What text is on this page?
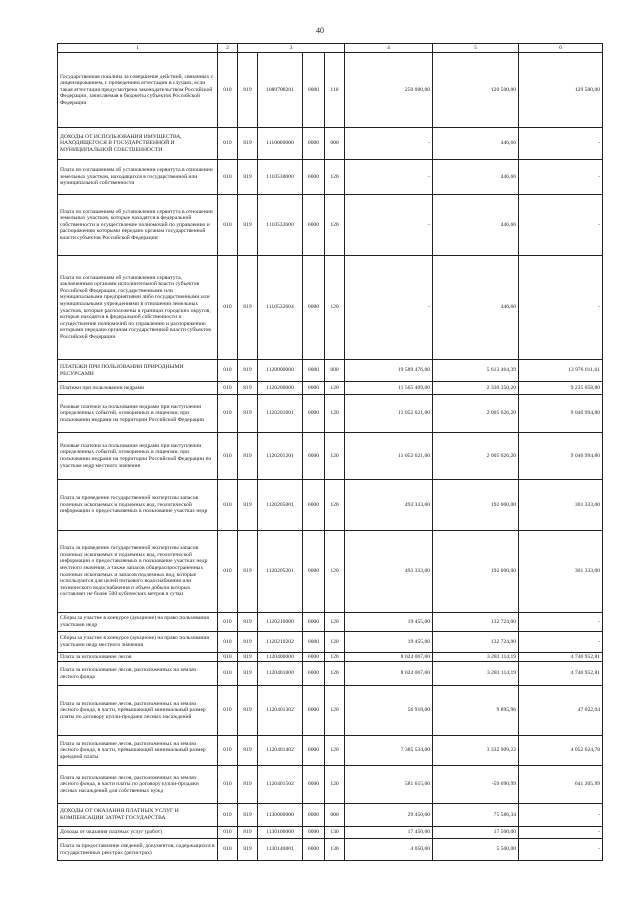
40
1	2	3				4	5	6
Государственная пошлина за совершение действий, связанных с лицензированием, с проведением аттестации в случаях, если такая аттестация предусмотрена законодательством Российской Федерации, зачисляемая в бюджеты субъектов Российской Федерации	010	819	1080708201	0000	110	250 000,00	120 500,00	129 500,00
ДОХОДЫ ОТ ИСПОЛЬЗОВАНИЯ ИМУЩЕСТВА, НАХОДЯЩЕГОСЯ В ГОСУДАРСТВЕННОЙ И МУНИЦИПАЛЬНОЙ СОБСТВЕННОСТИ	010	819	1110000000	0000	000	-	446,66	-
Плата по соглашениям об установлении сервитута в отношении земельных участков, находящихся в государственной или муниципальной собственности	010	819	1110530000	0000	120	-	446,66	-
Плата по соглашениям об установлении сервитута в отношении земельных участков, которые находятся в федеральной собственности и осуществление полномочий по управлению и распоряжению которыми передано органам государственной власти субъектов Российской Федерации	010	819	1110532600	0000	120	-	446,66	-
Плата по соглашениям об установлении сервитута, заключенным органами исполнительной власти субъектов Российской Федерации, государственными или муниципальными предприятиями либо государственными или муниципальными учреждениями в отношении земельных участков, которые расположены в границах городских округов, которые находятся в федеральной собственности и осуществление полномочий по управлению и распоряжению которыми передано органам государственной власти субъектов Российской Федерации	010	819	1110532604	0000	120	-	446,66	-
ПЛАТЕЖИ ПРИ ПОЛЬЗОВАНИИ ПРИРОДНЫМИ РЕСУРСАМИ	010	819	1120000000	0000	000	19 589 476,00	5 613 464,39	13 976 011,61
Платежи при пользовании недрами	010	819	1120200000	0000	120	11 565 409,00	2 330 350,20	9 235 058,80
Разовые платежи за пользование недрами при наступлении определенных событий, оговоренных в лицензии, при пользовании недрами на территории Российской Федерации	010	819	1120201001	0000	120	11 052 621,00	2 005 626,20	9 046 994,80
Разовые платежи за пользование недрами при наступлении определенных событий, оговоренных в лицензии, при пользовании недрами на территории Российской Федерации по участкам недр местного значения	010	819	1120201201	0000	120	11 052 621,00	2 005 626,20	9 046 994,80
Плата за проведение государственной экспертизы запасов полезных ископаемых и подземных вод, геологической информации о предоставляемых в пользование участках недр	010	819	1120205001	0000	120	493 333,00	192 000,00	301 333,00
Плата за проведение государственной экспертизы запасов полезных ископаемых и подземных вод, геологической информации о предоставляемых в пользование участках недр местного значения, а также запасов общераспространенных полезных ископаемых и запасов подземных вод, которые используются для целей питьевого водоснабжения или технического водоснабжения и объем добычи которых составляет не более 500 кубических метров в сутки	010	819	1120205201	0000	120	493 333,00	192 000,00	301 333,00
Сборы за участие в конкурсе (аукционе) на право пользования участками недр	010	819	1120210000	0000	120	19 455,00	132 724,00	-
Сборы за участие в конкурсе (аукционе) на право пользования участками недр местного значения	010	819	1120210202	0000	120	19 455,00	132 724,00	-
Плата за использование лесов	010	819	1120400000	0000	120	8 024 067,00	3 283 114,19	4 740 952,81
Плата за использование лесов, расположенных на землях лесного фонда	010	819	1120401000	0000	120	8 024 067,00	3 283 114,19	4 740 952,81
Плата за использование лесов, расположенных на землях лесного фонда, в части, превышающей минимальный размер платы по договору купли-продажи лесных насаждений	010	819	1120401302	0000	120	56 918,00	9 895,96	47 022,04
Плата за использование лесов, расположенных на землях лесного фонда, в части, превышающей минимальный размер арендной платы	010	819	1120401402	0000	120	7 385 534,00	3 332 909,22	4 052 624,78
Плата за использование лесов, расположенных на землях лесного фонда, в части платы по договору купли-продажи лесных насаждений для собственных нужд	010	819	1120401502	0000	120	581 615,00	-59 690,99	641 305,99
ДОХОДЫ ОТ ОКАЗАНИЯ ПЛАТНЫХ УСЛУГ И КОМПЕНСАЦИИ ЗАТРАТ ГОСУДАРСТВА	010	819	1130000000	0000	000	29 450,00	75 586,34	-
Доходы от оказания платных услуг (работ)	010	819	1130100000	0000	130	17 450,00	17 500,00	-
Плата за предоставление сведений, документов, содержащихся в государственных реестрах (регистрах)	010	819	1130140001	0000	130	4 050,00	5 500,00	-
